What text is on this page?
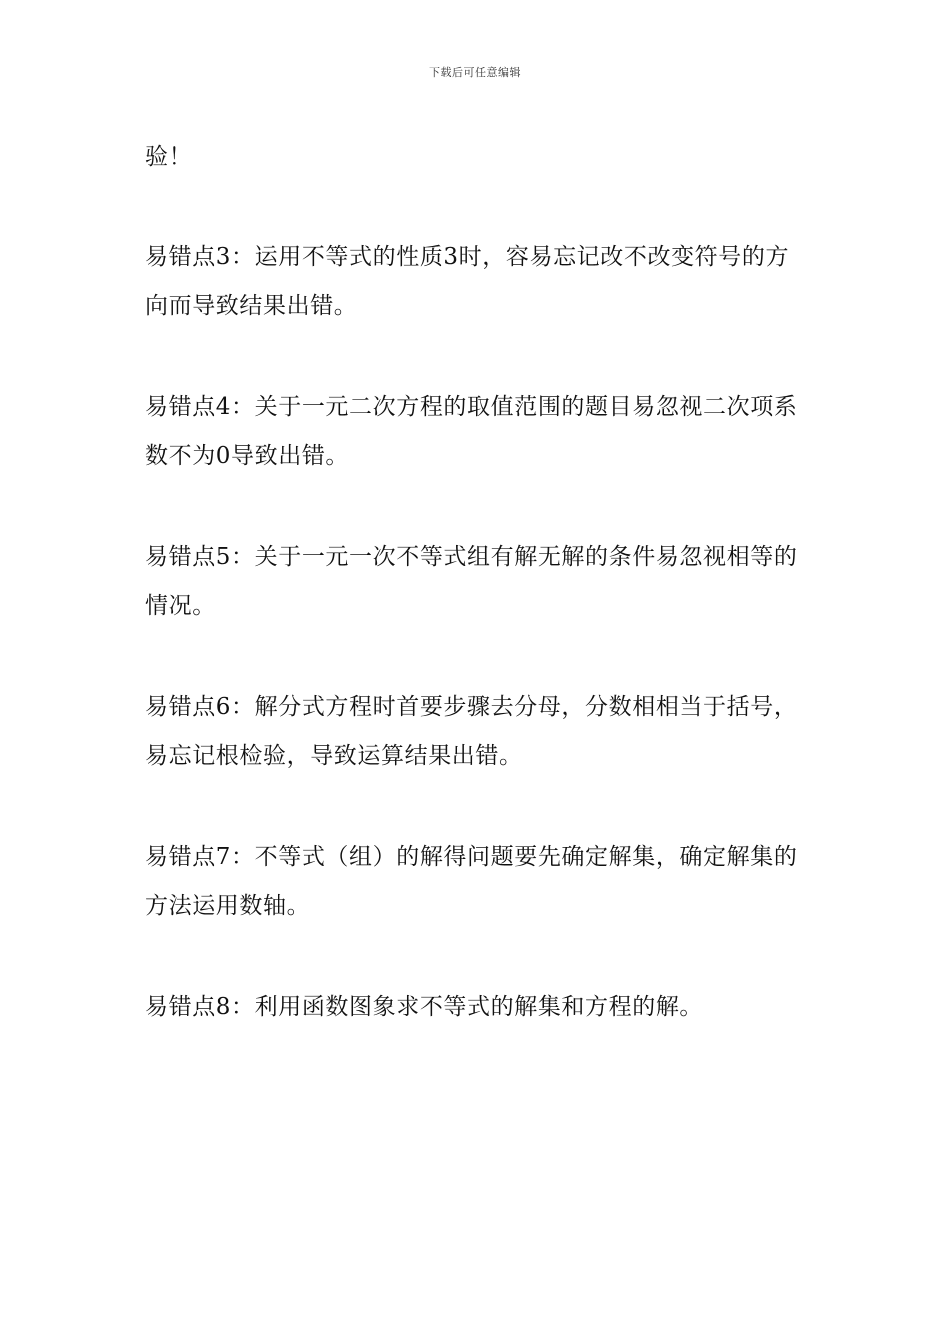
下载后可任意编辑

验！

易错点3：运用不等式的性质3时，容易忘记改不改变符号的方向而导致结果出错。

易错点4：关于一元二次方程的取值范围的题目易忽视二次项系数不为0导致出错。

易错点5：关于一元一次不等式组有解无解的条件易忽视相等的情况。

易错点6：解分式方程时首要步骤去分母，分数相相当于括号，易忘记根检验，导致运算结果出错。

易错点7：不等式（组）的解得问题要先确定解集，确定解集的方法运用数轴。

易错点8：利用函数图象求不等式的解集和方程的解。
